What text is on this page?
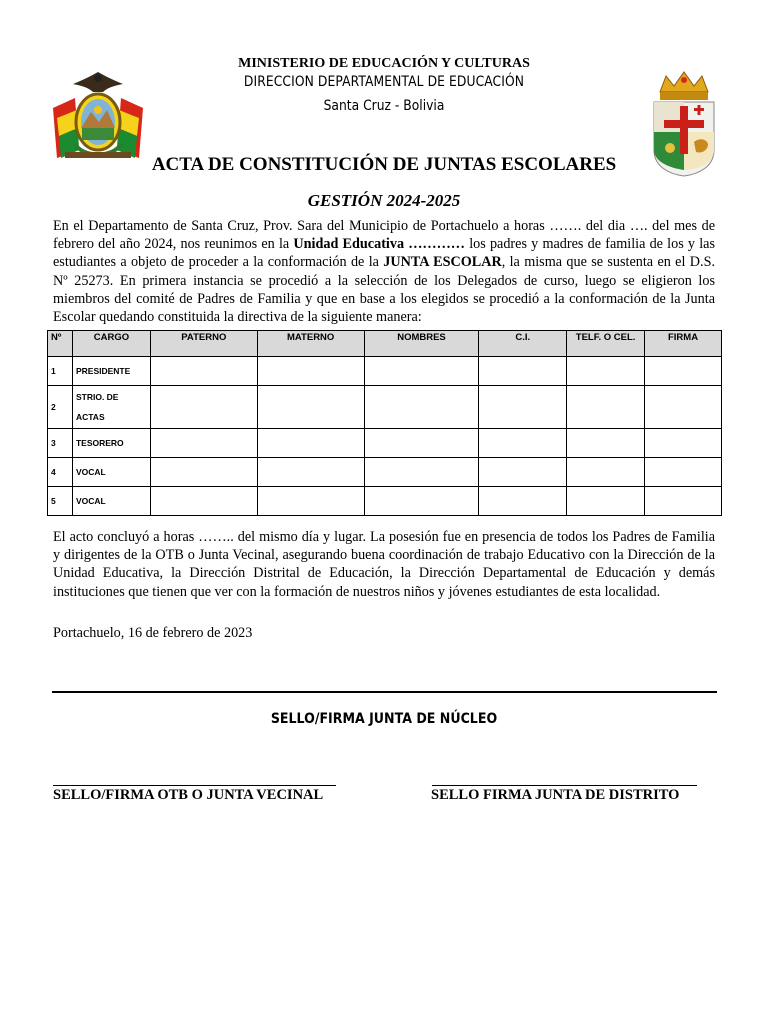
MINISTERIO DE EDUCACIÓN Y CULTURAS
DIRECCION DEPARTAMENTAL DE EDUCACIÓN
Santa Cruz - Bolivia
ACTA DE CONSTITUCIÓN DE JUNTAS ESCOLARES
GESTIÓN 2024-2025
En el Departamento de Santa Cruz, Prov. Sara del Municipio de Portachuelo a horas ……. del dia …. del mes de febrero del año 2024, nos reunimos en la Unidad Educativa ………… los padres y madres de familia de los y las estudiantes a objeto de proceder a la conformación de la JUNTA ESCOLAR, la misma que se sustenta en el D.S. Nº 25273. En primera instancia se procedió a la selección de los Delegados de curso, luego se eligieron los miembros del comité de Padres de Familia y que en base a los elegidos se procedió a la conformación de la Junta Escolar quedando constituida la directiva de la siguiente manera:
Nº	CARGO	PATERNO	MATERNO	NOMBRES	C.I.	TELF. O CEL.	FIRMA
1	PRESIDENTE						
2	STRIO. DE ACTAS						
3	TESORERO						
4	VOCAL						
5	VOCAL						
El acto concluyó a horas …….. del mismo día y lugar. La posesión fue en presencia de todos los Padres de Familia y dirigentes de la OTB o Junta Vecinal, asegurando buena coordinación de trabajo Educativo con la Dirección de la Unidad Educativa, la Dirección Distrital de Educación, la Dirección Departamental de Educación y demás instituciones que tienen que ver con la formación de nuestros niños y jóvenes estudiantes de esta localidad.
Portachuelo, 16 de febrero de 2023
SELLO/FIRMA JUNTA DE NÚCLEO
SELLO/FIRMA OTB O JUNTA VECINAL	SELLO FIRMA JUNTA DE DISTRITO
